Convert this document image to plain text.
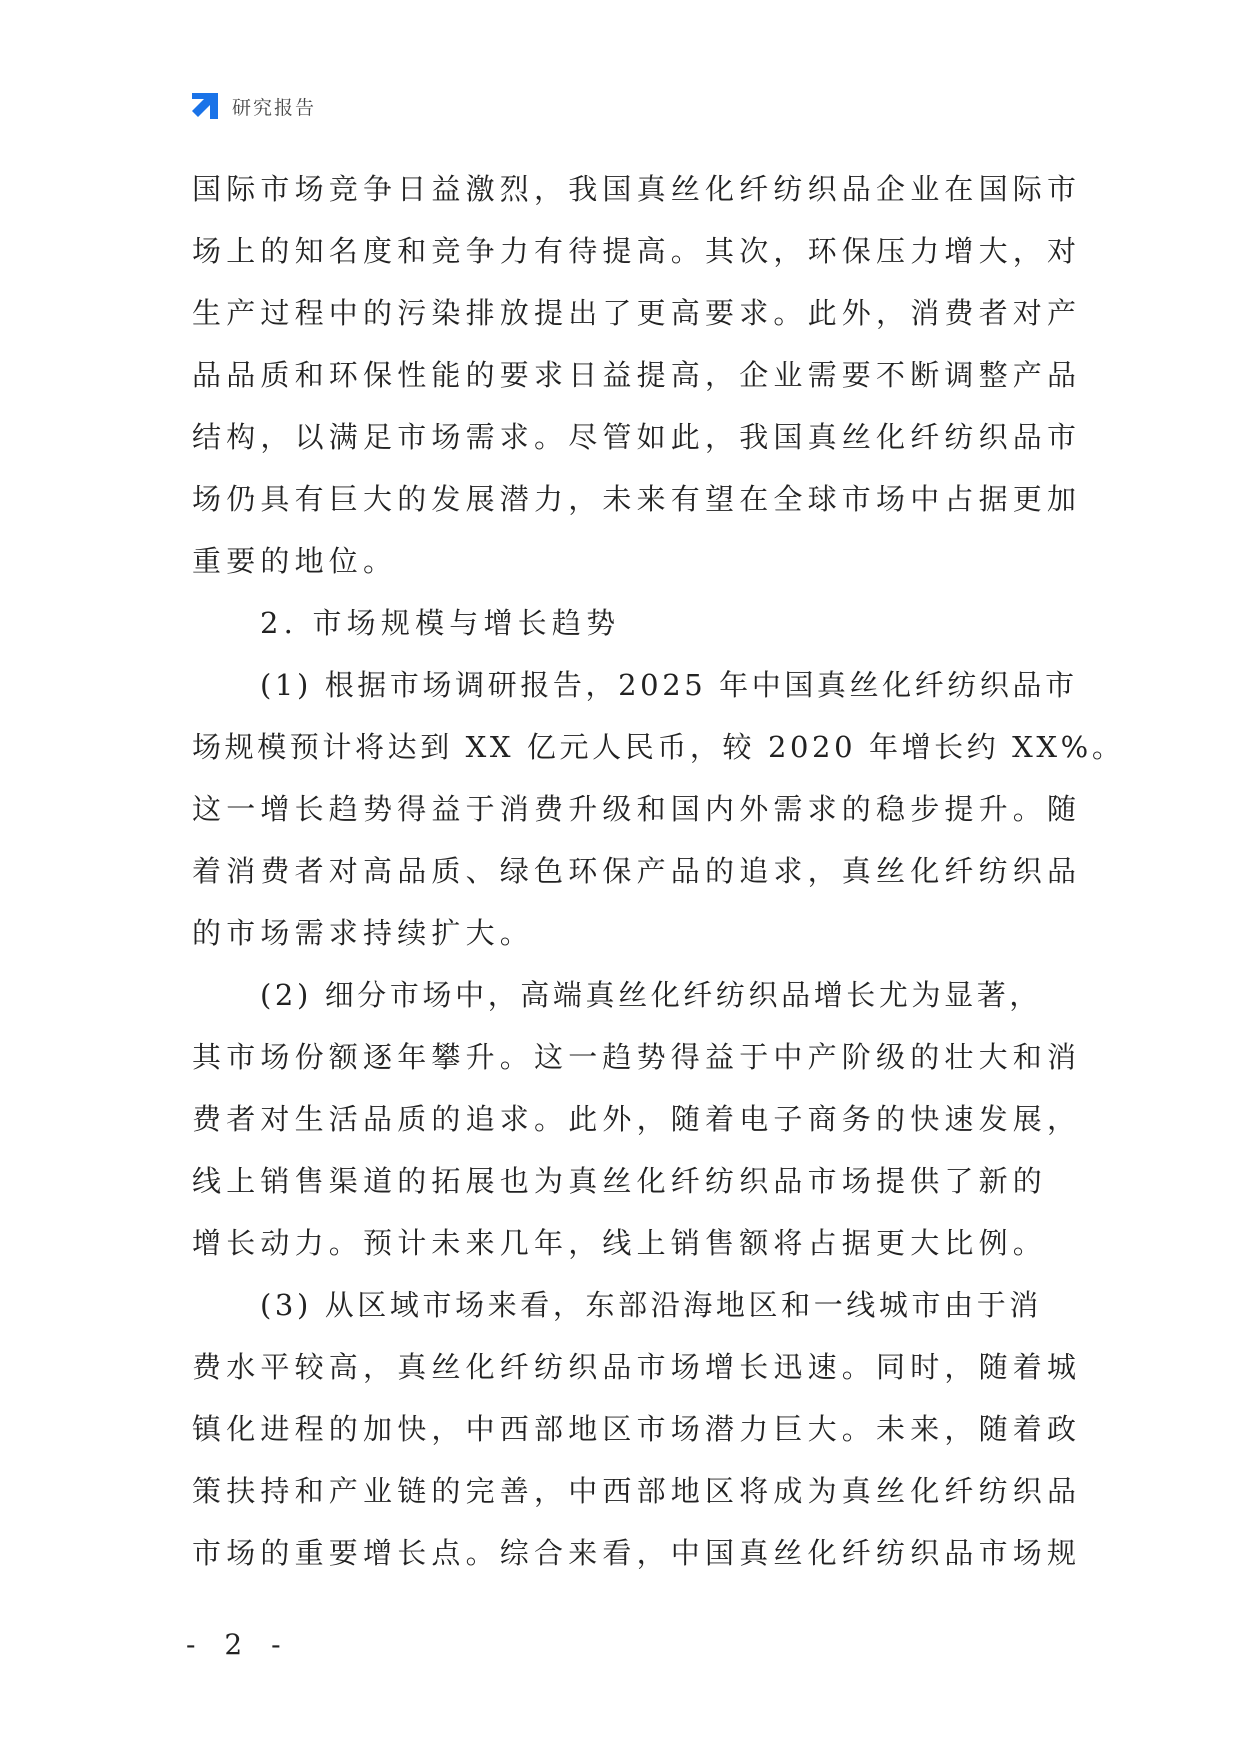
研究报告
国际市场竞争日益激烈，我国真丝化纤纺织品企业在国际市
场上的知名度和竞争力有待提高。其次，环保压力增大，对
生产过程中的污染排放提出了更高要求。此外，消费者对产
品品质和环保性能的要求日益提高，企业需要不断调整产品
结构，以满足市场需求。尽管如此，我国真丝化纤纺织品市
场仍具有巨大的发展潜力，未来有望在全球市场中占据更加
重要的地位。
2. 市场规模与增长趋势
(1) 根据市场调研报告，2025 年中国真丝化纤纺织品市
场规模预计将达到 XX 亿元人民币，较 2020 年增长约 XX%。
这一增长趋势得益于消费升级和国内外需求的稳步提升。随
着消费者对高品质、绿色环保产品的追求，真丝化纤纺织品
的市场需求持续扩大。
(2) 细分市场中，高端真丝化纤纺织品增长尤为显著，
其市场份额逐年攀升。这一趋势得益于中产阶级的壮大和消
费者对生活品质的追求。此外，随着电子商务的快速发展，
线上销售渠道的拓展也为真丝化纤纺织品市场提供了新的
增长动力。预计未来几年，线上销售额将占据更大比例。
(3) 从区域市场来看，东部沿海地区和一线城市由于消
费水平较高，真丝化纤纺织品市场增长迅速。同时，随着城
镇化进程的加快，中西部地区市场潜力巨大。未来，随着政
策扶持和产业链的完善，中西部地区将成为真丝化纤纺织品
市场的重要增长点。综合来看，中国真丝化纤纺织品市场规
- 2 -
